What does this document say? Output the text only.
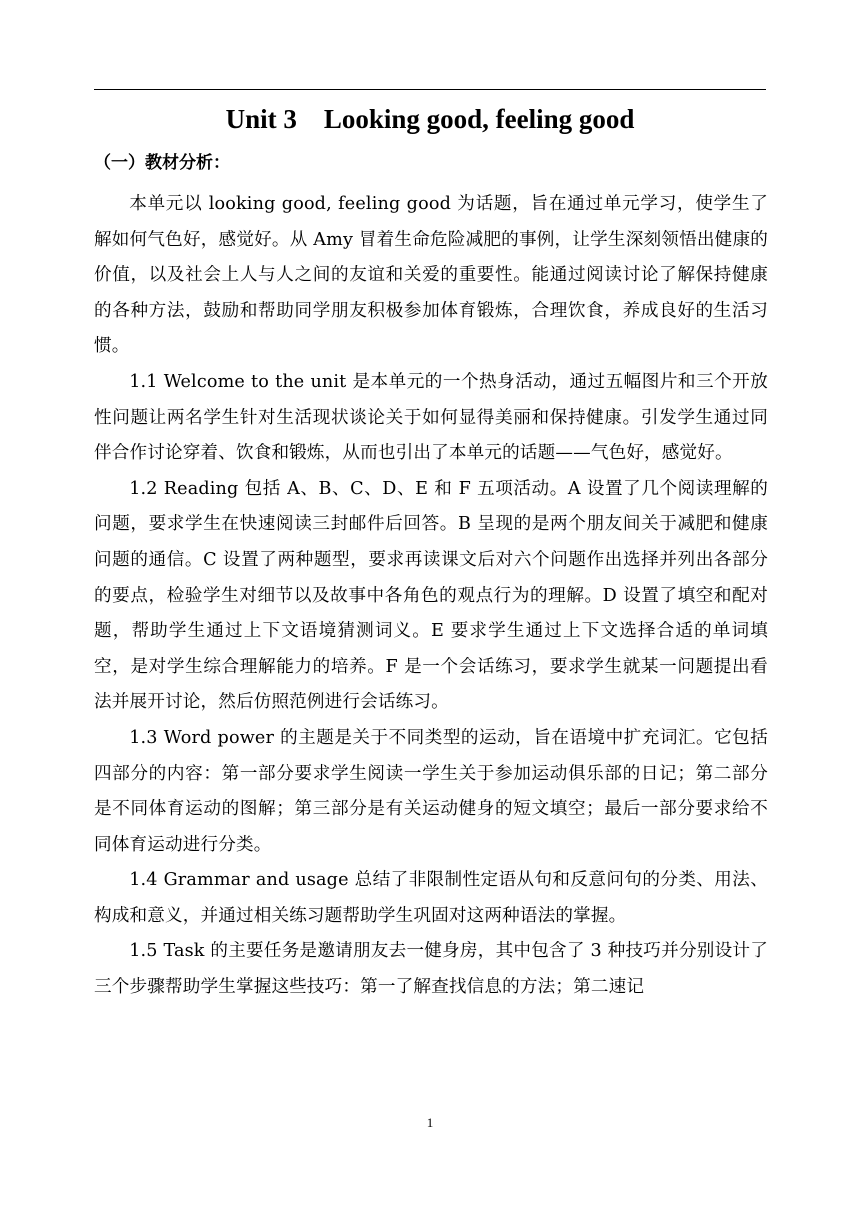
Unit 3    Looking good, feeling good
（一）教材分析：

本单元以 looking good, feeling good 为话题，旨在通过单元学习，使学生了解如何气色好，感觉好。从 Amy 冒着生命危险减肥的事例，让学生深刻领悟出健康的价值，以及社会上人与人之间的友谊和关爱的重要性。能通过阅读讨论了解保持健康的各种方法，鼓励和帮助同学朋友积极参加体育锻炼，合理饮食，养成良好的生活习惯。

1.1 Welcome to the unit 是本单元的一个热身活动，通过五幅图片和三个开放性问题让两名学生针对生活现状谈论关于如何显得美丽和保持健康。引发学生通过同伴合作讨论穿着、饮食和锻炼，从而也引出了本单元的话题——气色好，感觉好。

1.2 Reading 包括 A、B、C、D、E 和 F 五项活动。A 设置了几个阅读理解的问题，要求学生在快速阅读三封邮件后回答。B 呈现的是两个朋友间关于减肥和健康问题的通信。C 设置了两种题型，要求再读课文后对六个问题作出选择并列出各部分的要点，检验学生对细节以及故事中各角色的观点行为的理解。D 设置了填空和配对题，帮助学生通过上下文语境猜测词义。E 要求学生通过上下文选择合适的单词填空，是对学生综合理解能力的培养。F 是一个会话练习，要求学生就某一问题提出看法并展开讨论，然后仿照范例进行会话练习。

1.3 Word power 的主题是关于不同类型的运动，旨在语境中扩充词汇。它包括四部分的内容：第一部分要求学生阅读一学生关于参加运动俱乐部的日记；第二部分是不同体育运动的图解；第三部分是有关运动健身的短文填空；最后一部分要求给不同体育运动进行分类。

1.4 Grammar and usage 总结了非限制性定语从句和反意问句的分类、用法、构成和意义，并通过相关练习题帮助学生巩固对这两种语法的掌握。

1.5 Task 的主要任务是邀请朋友去一健身房，其中包含了 3 种技巧并分别设计了三个步骤帮助学生掌握这些技巧：第一了解查找信息的方法；第二速记

1
